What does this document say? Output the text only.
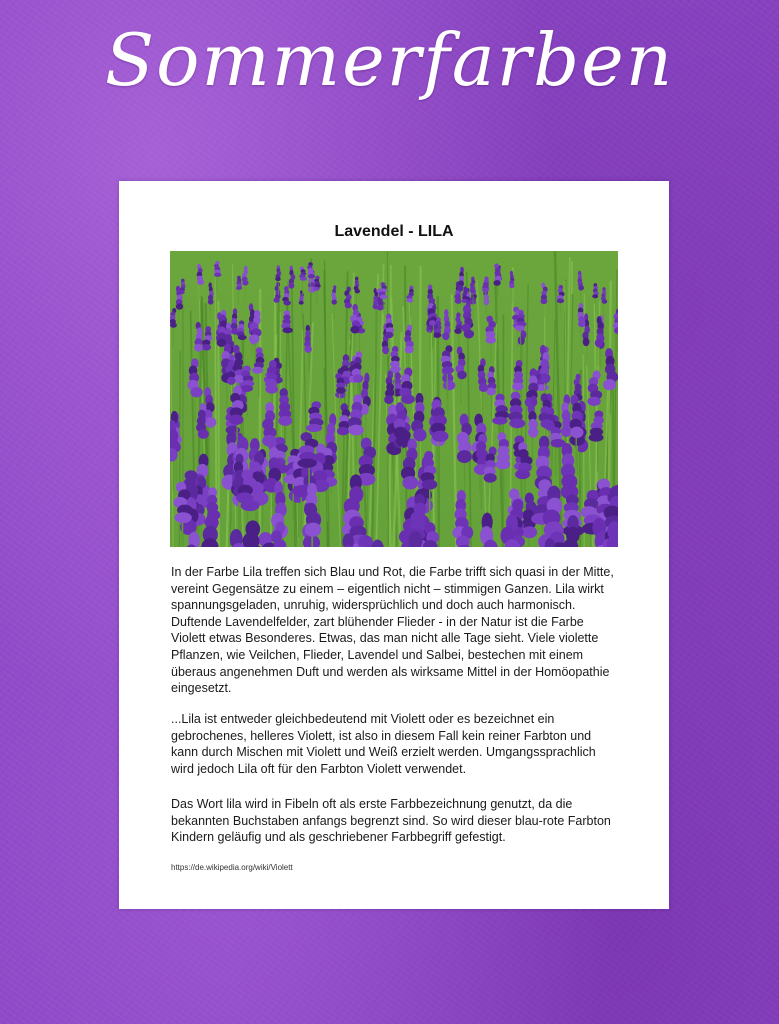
Sommerfarben
Lavendel - LILA
In der Farbe Lila treffen sich Blau und Rot, die Farbe trifft sich quasi in der Mitte, vereint Gegensätze zu einem – eigentlich nicht – stimmigen Ganzen. Lila wirkt spannungsgeladen, unruhig, widersprüchlich und doch auch harmonisch. Duftende Lavendelfelder, zart blühender Flieder - in der Natur ist die Farbe Violett etwas Besonderes. Etwas, das man nicht alle Tage sieht. Viele violette Pflanzen, wie Veilchen, Flieder, Lavendel und Salbei, bestechen mit einem überaus angenehmen Duft und werden als wirksame Mittel in der Homöopathie eingesetzt.
...Lila ist entweder gleichbedeutend mit Violett oder es bezeichnet ein gebrochenes, helleres Violett, ist also in diesem Fall kein reiner Farbton und kann durch Mischen mit Violett und Weiß erzielt werden. Umgangssprachlich wird jedoch Lila oft für den Farbton Violett verwendet.
Das Wort lila wird in Fibeln oft als erste Farbbezeichnung genutzt, da die bekannten Buchstaben anfangs begrenzt sind. So wird dieser blau-rote Farbton Kindern geläufig und als geschriebener Farbbegriff gefestigt.
https://de.wikipedia.org/wiki/Violett
